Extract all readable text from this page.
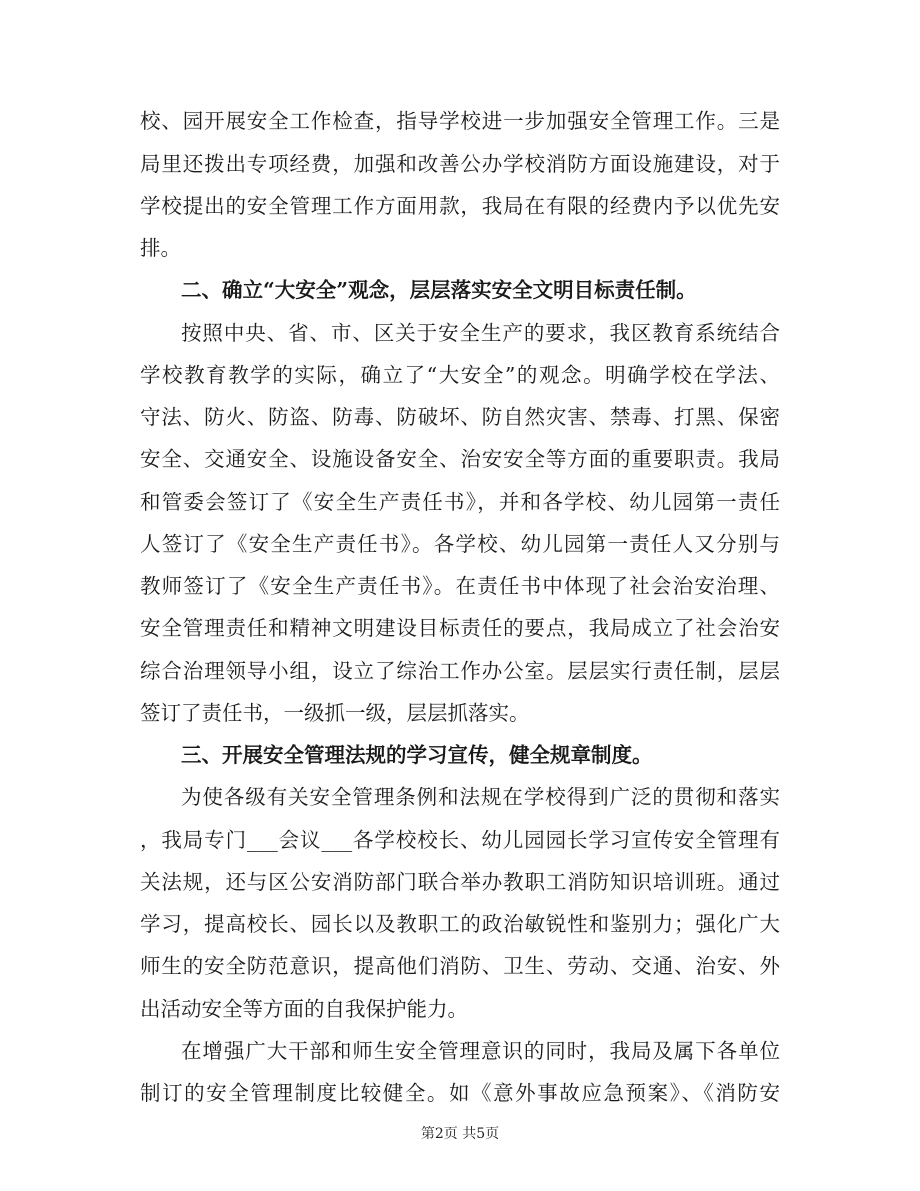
校、园开展安全工作检查，指导学校进一步加强安全管理工作。三是
局里还拨出专项经费，加强和改善公办学校消防方面设施建设，对于
学校提出的安全管理工作方面用款，我局在有限的经费内予以优先安
排。
二、确立“大安全”观念，层层落实安全文明目标责任制。
按照中央、省、市、区关于安全生产的要求，我区教育系统结合
学校教育教学的实际，确立了“大安全”的观念。明确学校在学法、
守法、防火、防盗、防毒、防破坏、防自然灾害、禁毒、打黑、保密
安全、交通安全、设施设备安全、治安安全等方面的重要职责。我局
和管委会签订了《安全生产责任书》，并和各学校、幼儿园第一责任
人签订了《安全生产责任书》。各学校、幼儿园第一责任人又分别与
教师签订了《安全生产责任书》。在责任书中体现了社会治安治理、
安全管理责任和精神文明建设目标责任的要点，我局成立了社会治安
综合治理领导小组，设立了综治工作办公室。层层实行责任制，层层
签订了责任书，一级抓一级，层层抓落实。
三、开展安全管理法规的学习宣传，健全规章制度。
为使各级有关安全管理条例和法规在学校得到广泛的贯彻和落实
，我局专门___会议___各学校校长、幼儿园园长学习宣传安全管理有
关法规，还与区公安消防部门联合举办教职工消防知识培训班。通过
学习，提高校长、园长以及教职工的政治敏锐性和鉴别力；强化广大
师生的安全防范意识，提高他们消防、卫生、劳动、交通、治安、外
出活动安全等方面的自我保护能力。
在增强广大干部和师生安全管理意识的同时，我局及属下各单位
制订的安全管理制度比较健全。如《意外事故应急预案》、《消防安
第2页 共5页
